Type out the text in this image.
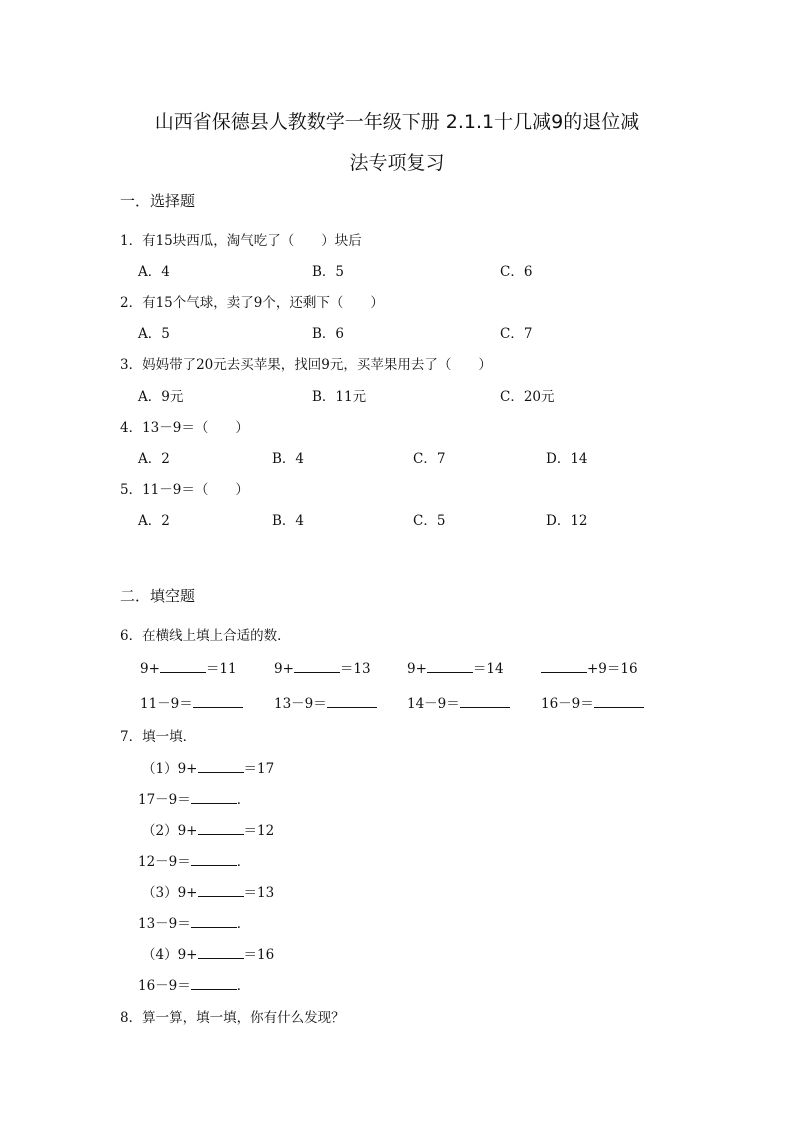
山西省保德县人教数学一年级下册 2.1.1十几减9的退位减
法专项复习
一．选择题
1．有15块西瓜，淘气吃了（　　）块后
A．4	B．5	C．6
2．有15个气球，卖了9个，还剩下（　　）
A．5	B．6	C．7
3．妈妈带了20元去买苹果，找回9元，买苹果用去了（　　）
A．9元	B．11元	C．20元
4．13－9＝（　　）
A．2	B．4	C．7	D．14
5．11－9＝（　　）
A．2	B．4	C．5	D．12
二．填空题
6．在横线上填上合适的数．
9+	＝11	9+	＝13	9+	＝14	+9＝16
11－9＝	13－9＝	14－9＝	16－9＝
7．填一填．
（1）9+	＝17
17－9＝	．
（2）9+	＝12
12－9＝	．
（3）9+	＝13
13－9＝	．
（4）9+	＝16
16－9＝	．
8．算一算，填一填，你有什么发现？
